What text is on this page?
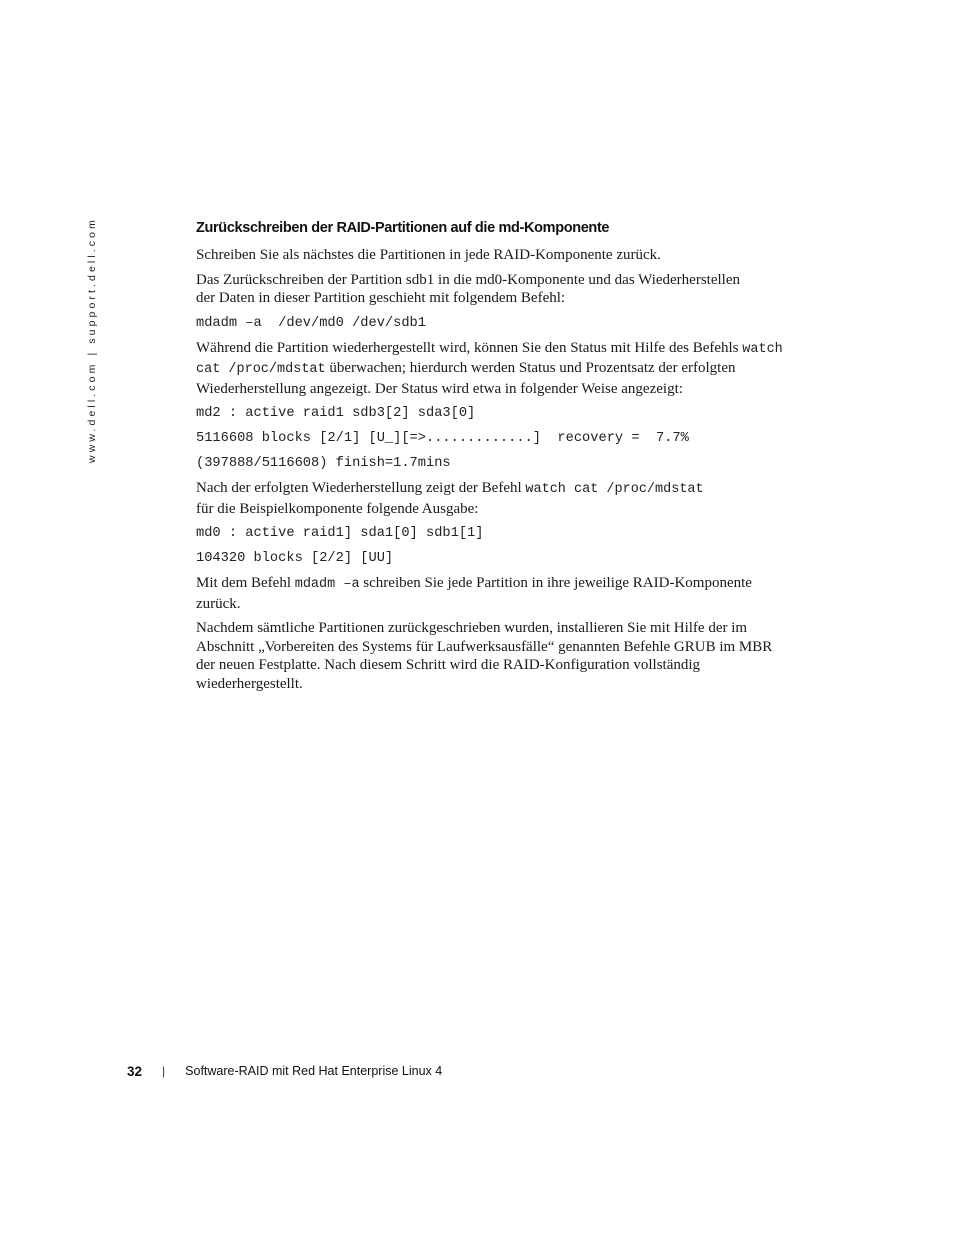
www.dell.com | support.dell.com	Zurückschreiben der RAID-Partitionen auf die md-Komponente

Schreiben Sie als nächstes die Partitionen in jede RAID-Komponente zurück.

Das Zurückschreiben der Partition sdb1 in die md0-Komponente und das Wiederherstellen
der Daten in dieser Partition geschieht mit folgendem Befehl:

mdadm –a  /dev/md0 /dev/sdb1

Während die Partition wiederhergestellt wird, können Sie den Status mit Hilfe des Befehls watch
cat /proc/mdstat überwachen; hierdurch werden Status und Prozentsatz der erfolgten
Wiederherstellung angezeigt. Der Status wird etwa in folgender Weise angezeigt:

md2 : active raid1 sdb3[2] sda3[0]
5116608 blocks [2/1] [U_][=>.............]  recovery =  7.7%
(397888/5116608) finish=1.7mins

Nach der erfolgten Wiederherstellung zeigt der Befehl watch cat /proc/mdstat
für die Beispielkomponente folgende Ausgabe:

md0 : active raid1] sda1[0] sdb1[1]
104320 blocks [2/2] [UU]

Mit dem Befehl mdadm –a schreiben Sie jede Partition in ihre jeweilige RAID-Komponente
zurück.

Nachdem sämtliche Partitionen zurückgeschrieben wurden, installieren Sie mit Hilfe der im
Abschnitt „Vorbereiten des Systems für Laufwerksausfälle“ genannten Befehle GRUB im MBR
der neuen Festplatte. Nach diesem Schritt wird die RAID-Konfiguration vollständig
wiederhergestellt.

32 | Software-RAID mit Red Hat Enterprise Linux 4
